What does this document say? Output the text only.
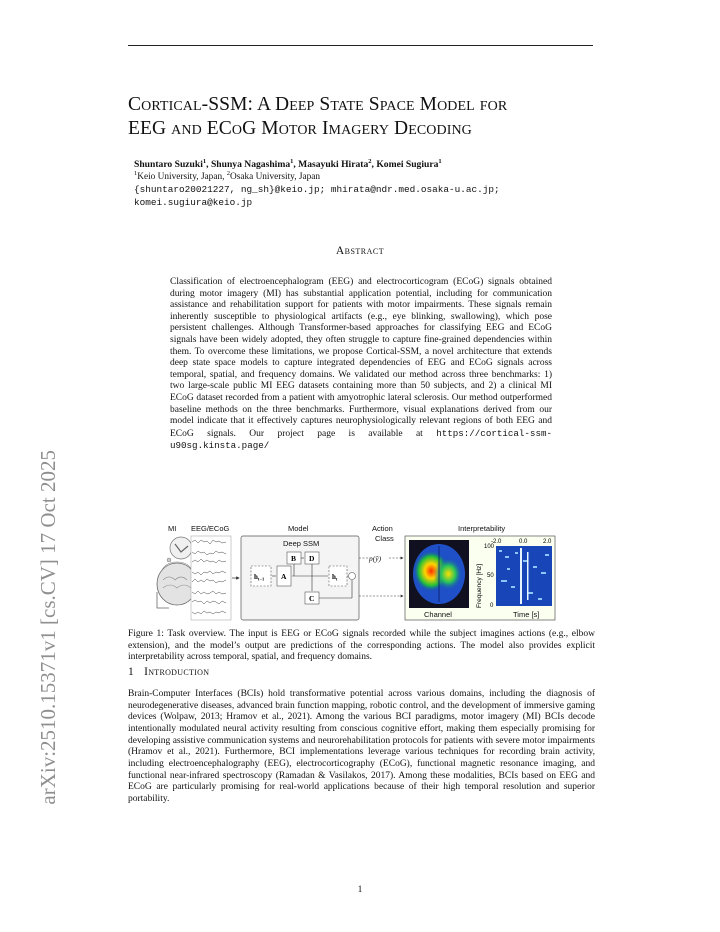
arXiv:2510.15371v1 [cs.CV] 17 Oct 2025
Cortical-SSM: A Deep State Space Model for
EEG and ECoG Motor Imagery Decoding
Shuntaro Suzuki$^1$, Shunya Nagashima$^1$, Masayuki Hirata$^2$, Komei Sugiura$^1$
$^1$Keio University, Japan, $^2$Osaka University, Japan
{shuntaro20021227, ng_sh}@keio.jp; mhirata@ndr.med.osaka-u.ac.jp;
komei.sugiura@keio.jp
Abstract
Classification of electroencephalogram (EEG) and electrocorticogram (ECoG) signals obtained during motor imagery (MI) has substantial application potential, including for communication assistance and rehabilitation support for patients with motor impairments. These signals remain inherently susceptible to physiological artifacts (e.g., eye blinking, swallowing), which pose persistent challenges. Although Transformer-based approaches for classifying EEG and ECoG signals have been widely adopted, they often struggle to capture fine-grained dependencies within them. To overcome these limitations, we propose Cortical-SSM, a novel architecture that extends deep state space models to capture integrated dependencies of EEG and ECoG signals across temporal, spatial, and frequency domains. We validated our method across three benchmarks: 1) two large-scale public MI EEG datasets containing more than 50 subjects, and 2) a clinical MI ECoG dataset recorded from a patient with amyotrophic lateral sclerosis. Our method outperformed baseline methods on the three benchmarks. Furthermore, visual explanations derived from our model indicate that it effectively captures neurophysiologically relevant regions of both EEG and ECoG signals. Our project page is available at https://cortical-ssm-u90sg.kinsta.page/
MI EEG/ECoG	Model	Action
Class
Interpretability
Deep SSM
$h_{t-1}$
B D
A
C
$h_t$
p(ŷ)
Channel
-2.0	0.0	2.0
100
50
0
Frequency [Hz]
Time [s]
Figure 1: Task overview. The input is EEG or ECoG signals recorded while the subject imagines actions (e.g., elbow extension), and the model’s output are predictions of the corresponding actions. The model also provides explicit interpretability across temporal, spatial, and frequency domains.
1 Introduction
Brain-Computer Interfaces (BCIs) hold transformative potential across various domains, including the diagnosis of neurodegenerative diseases, advanced brain function mapping, robotic control, and the development of immersive gaming devices (Wolpaw, 2013; Hramov et al., 2021). Among the various BCI paradigms, motor imagery (MI) BCIs decode intentionally modulated neural activity resulting from conscious cognitive effort, making them especially promising for developing assistive communication systems and neurorehabilitation protocols for patients with severe motor impairments (Hramov et al., 2021). Furthermore, BCI implementations leverage various techniques for recording brain activity, including electroencephalography (EEG), electrocorticography (ECoG), functional magnetic resonance imaging, and functional near-infrared spectroscopy (Ramadan & Vasilakos, 2017). Among these modalities, BCIs based on EEG and ECoG are particularly promising for real-world applications because of their high temporal resolution and superior portability.
1
